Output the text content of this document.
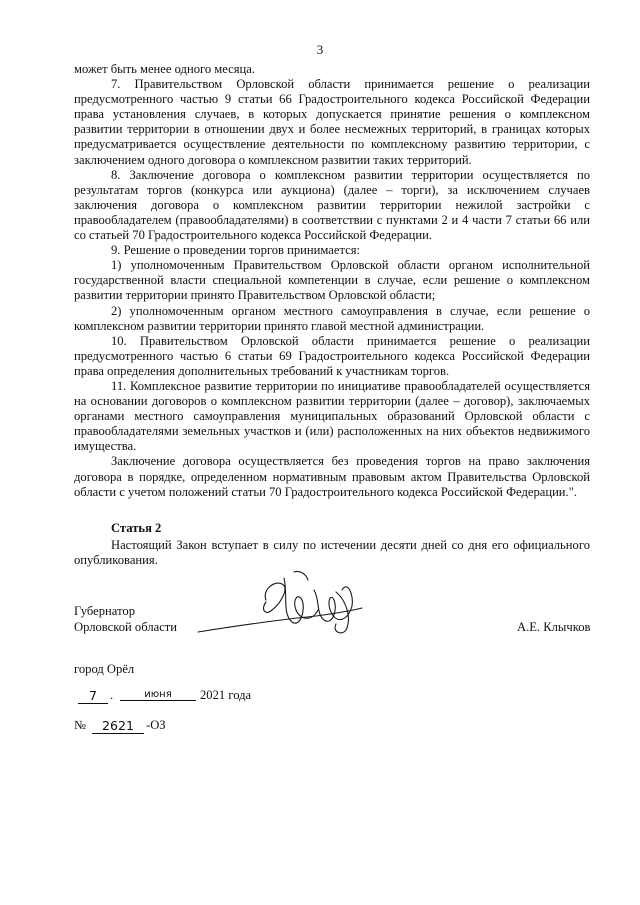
3

может быть менее одного месяца.

7. Правительством Орловской области принимается решение о реализации предусмотренного частью 9 статьи 66 Градостроительного кодекса Российской Федерации права установления случаев, в которых допускается принятие решения о комплексном развитии территории в отношении двух и более несмежных территорий, в границах которых предусматривается осуществление деятельности по комплексному развитию территории, с заключением одного договора о комплексном развитии таких территорий.

8. Заключение договора о комплексном развитии территории осуществляется по результатам торгов (конкурса или аукциона) (далее – торги), за исключением случаев заключения договора о комплексном развитии территории нежилой застройки с правообладателем (правообладателями) в соответствии с пунктами 2 и 4 части 7 статьи 66 или со статьей 70 Градостроительного кодекса Российской Федерации.

9. Решение о проведении торгов принимается:

1) уполномоченным Правительством Орловской области органом исполнительной государственной власти специальной компетенции в случае, если решение о комплексном развитии территории принято Правительством Орловской области;

2) уполномоченным органом местного самоуправления в случае, если решение о комплексном развитии территории принято главой местной администрации.

10. Правительством Орловской области принимается решение о реализации предусмотренного частью 6 статьи 69 Градостроительного кодекса Российской Федерации права определения дополнительных требований к участникам торгов.

11. Комплексное развитие территории по инициативе правообладателей осуществляется на основании договоров о комплексном развитии территории (далее – договор), заключаемых органами местного самоуправления муниципальных образований Орловской области с правообладателями земельных участков и (или) расположенных на них объектов недвижимого имущества.

Заключение договора осуществляется без проведения торгов на право заключения договора в порядке, определенном нормативным правовым актом Правительства Орловской области с учетом положений статьи 70 Градостроительного кодекса Российской Федерации.".

Статья 2

Настоящий Закон вступает в силу по истечении десяти дней со дня его официального опубликования.

Губернатор
Орловской области	А.Е. Клычков
город Орёл
7	.	июня	2021 года
№	2621 -ОЗ
